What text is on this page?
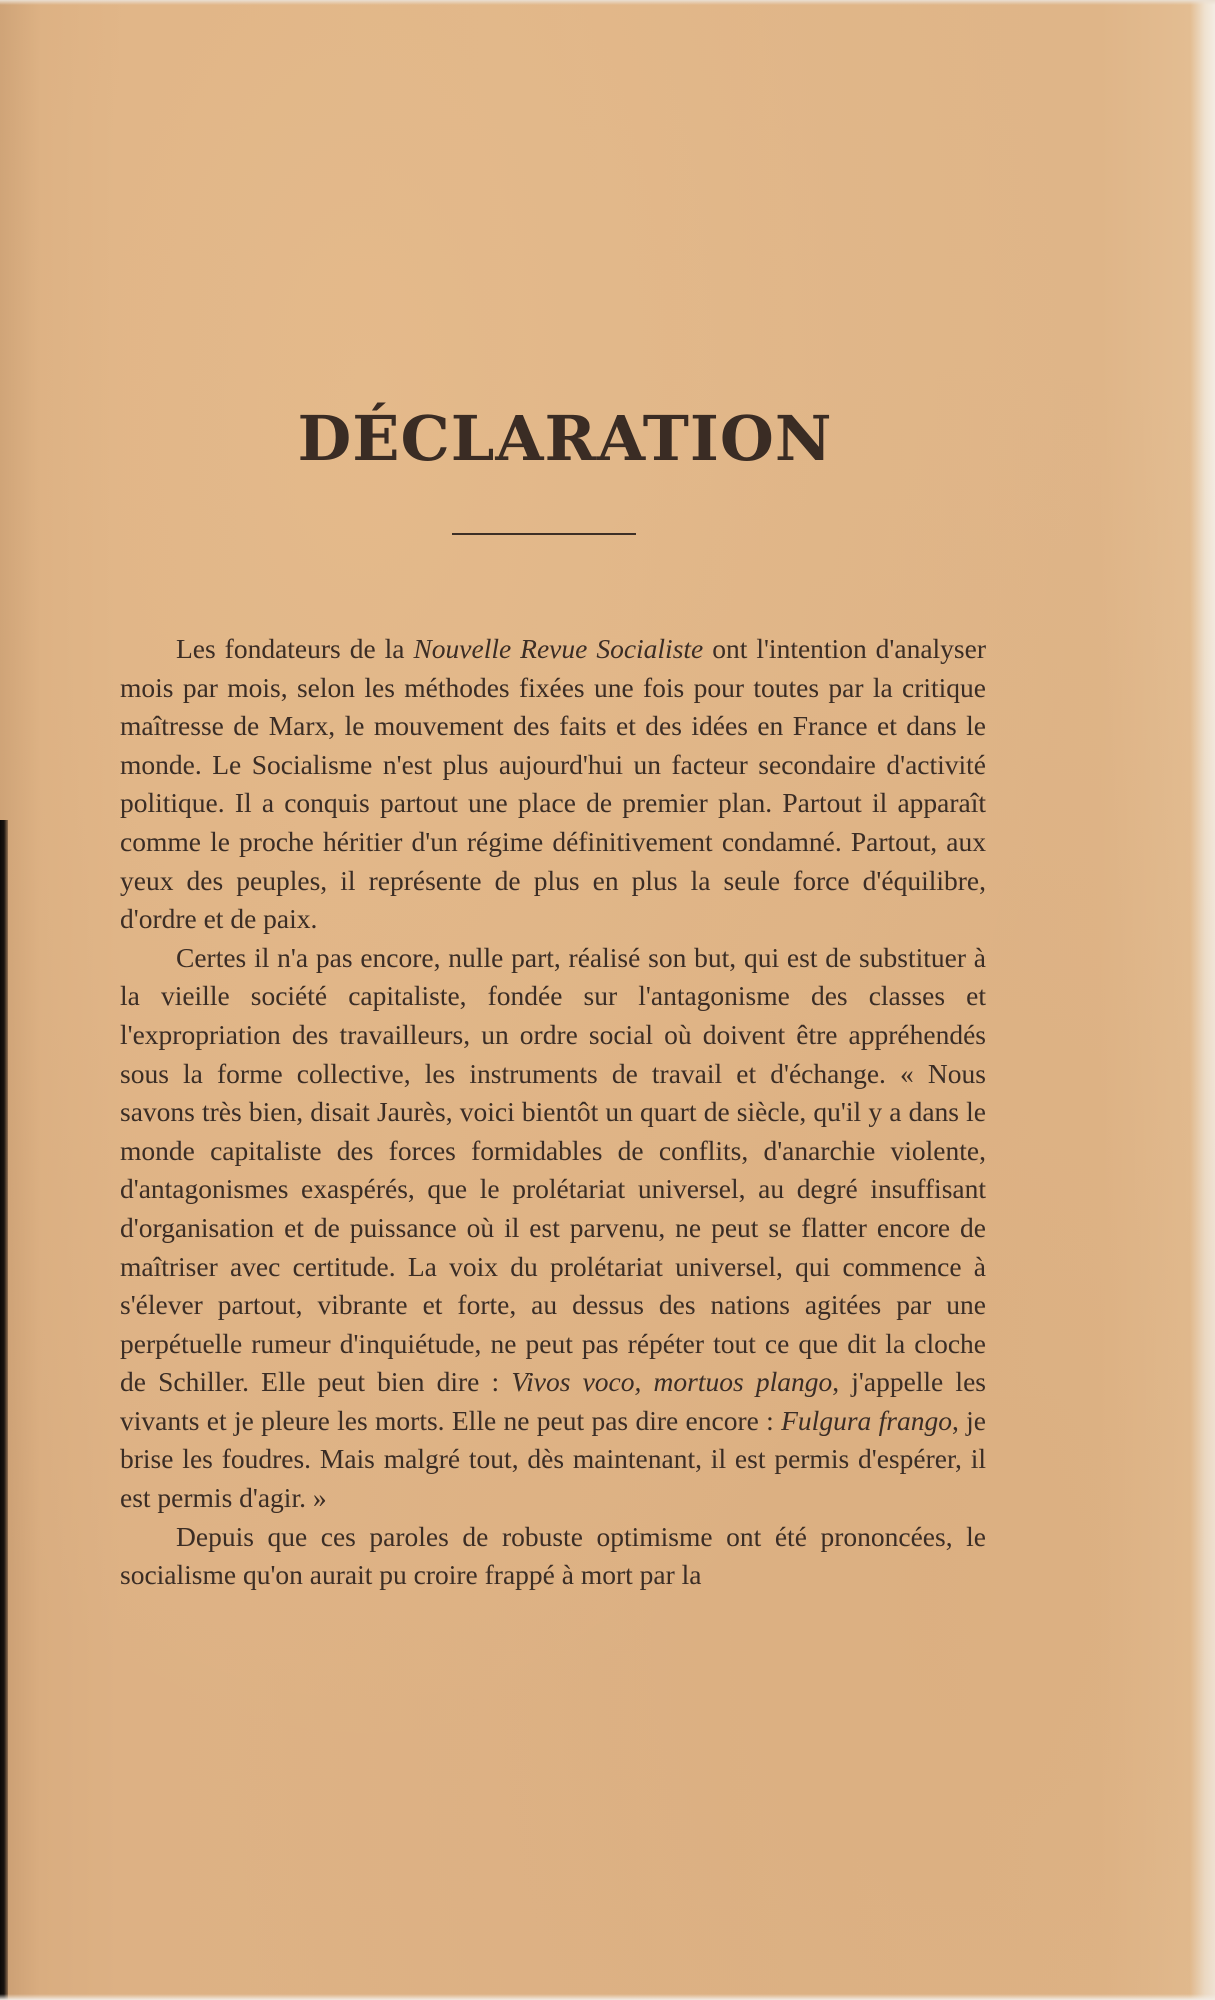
DÉCLARATION

Les fondateurs de la Nouvelle Revue Socialiste ont l'intention d'analyser mois par mois, selon les méthodes fixées une fois pour toutes par la critique maîtresse de Marx, le mouvement des faits et des idées en France et dans le monde. Le Socialisme n'est plus aujourd'hui un facteur secondaire d'activité politique. Il a conquis partout une place de premier plan. Partout il apparaît comme le proche héritier d'un régime définitivement condamné. Partout, aux yeux des peuples, il représente de plus en plus la seule force d'équilibre, d'ordre et de paix.

Certes il n'a pas encore, nulle part, réalisé son but, qui est de substituer à la vieille société capitaliste, fondée sur l'antagonisme des classes et l'expropriation des travailleurs, un ordre social où doivent être appréhendés sous la forme collective, les instruments de travail et d'échange. « Nous savons très bien, disait Jaurès, voici bientôt un quart de siècle, qu'il y a dans le monde capitaliste des forces formidables de conflits, d'anarchie violente, d'antagonismes exaspérés, que le prolétariat universel, au degré insuffisant d'organisation et de puissance où il est parvenu, ne peut se flatter encore de maîtriser avec certitude. La voix du prolétariat universel, qui commence à s'élever partout, vibrante et forte, au dessus des nations agitées par une perpétuelle rumeur d'inquiétude, ne peut pas répéter tout ce que dit la cloche de Schiller. Elle peut bien dire : Vivos voco, mortuos plango, j'appelle les vivants et je pleure les morts. Elle ne peut pas dire encore : Fulgura frango, je brise les foudres. Mais malgré tout, dès maintenant, il est permis d'espérer, il est permis d'agir. »

Depuis que ces paroles de robuste optimisme ont été prononcées, le socialisme qu'on aurait pu croire frappé à mort par la
